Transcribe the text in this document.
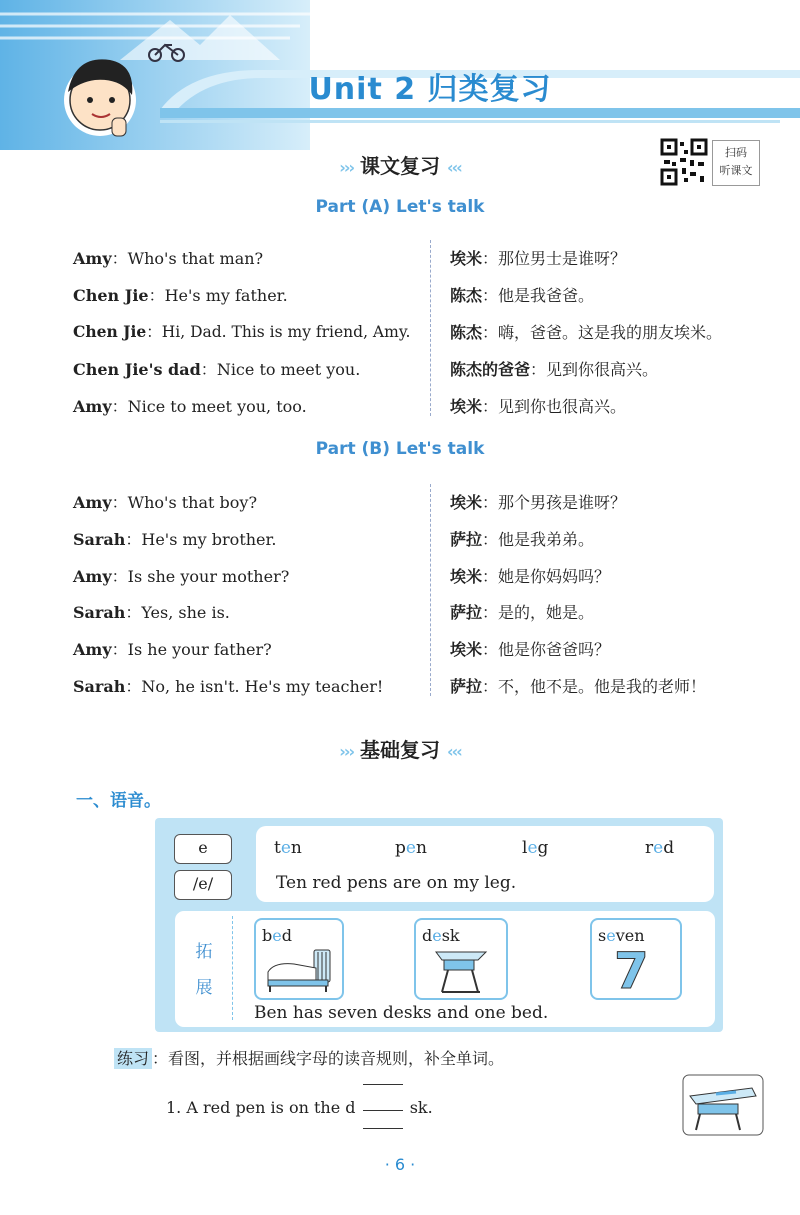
Unit 2 归类复习
扫码
听课文
››› 课文复习 ‹‹‹
Part (A) Let's talk
Amy：Who's that man?	埃米：那位男士是谁呀？
Chen Jie：He's my father.	陈杰：他是我爸爸。
Chen Jie：Hi, Dad. This is my friend, Amy. 陈杰：嗨，爸爸。这是我的朋友埃米。
Chen Jie's dad：Nice to meet you.	陈杰的爸爸：见到你很高兴。
Amy：Nice to meet you, too.	埃米：见到你也很高兴。
Part (B) Let's talk
Amy：Who's that boy?	埃米：那个男孩是谁呀？
Sarah：He's my brother.	萨拉：他是我弟弟。
Amy：Is she your mother?	埃米：她是你妈妈吗？
Sarah：Yes, she is.	萨拉：是的，她是。
Amy：Is he your father?	埃米：他是你爸爸吗？
Sarah：No, he isn't. He's my teacher!	萨拉：不，他不是。他是我的老师！
››› 基础复习 ‹‹‹
一、语音。
e
/e/
ten	pen	leg	red
Ten red pens are on my leg.
拓
展
bed	desk	seven
7
Ben has seven desks and one bed.
练习 ：看图，并根据画线字母的读音规则，补全单词。
1. A red pen is on the d	sk.
· 6 ·
